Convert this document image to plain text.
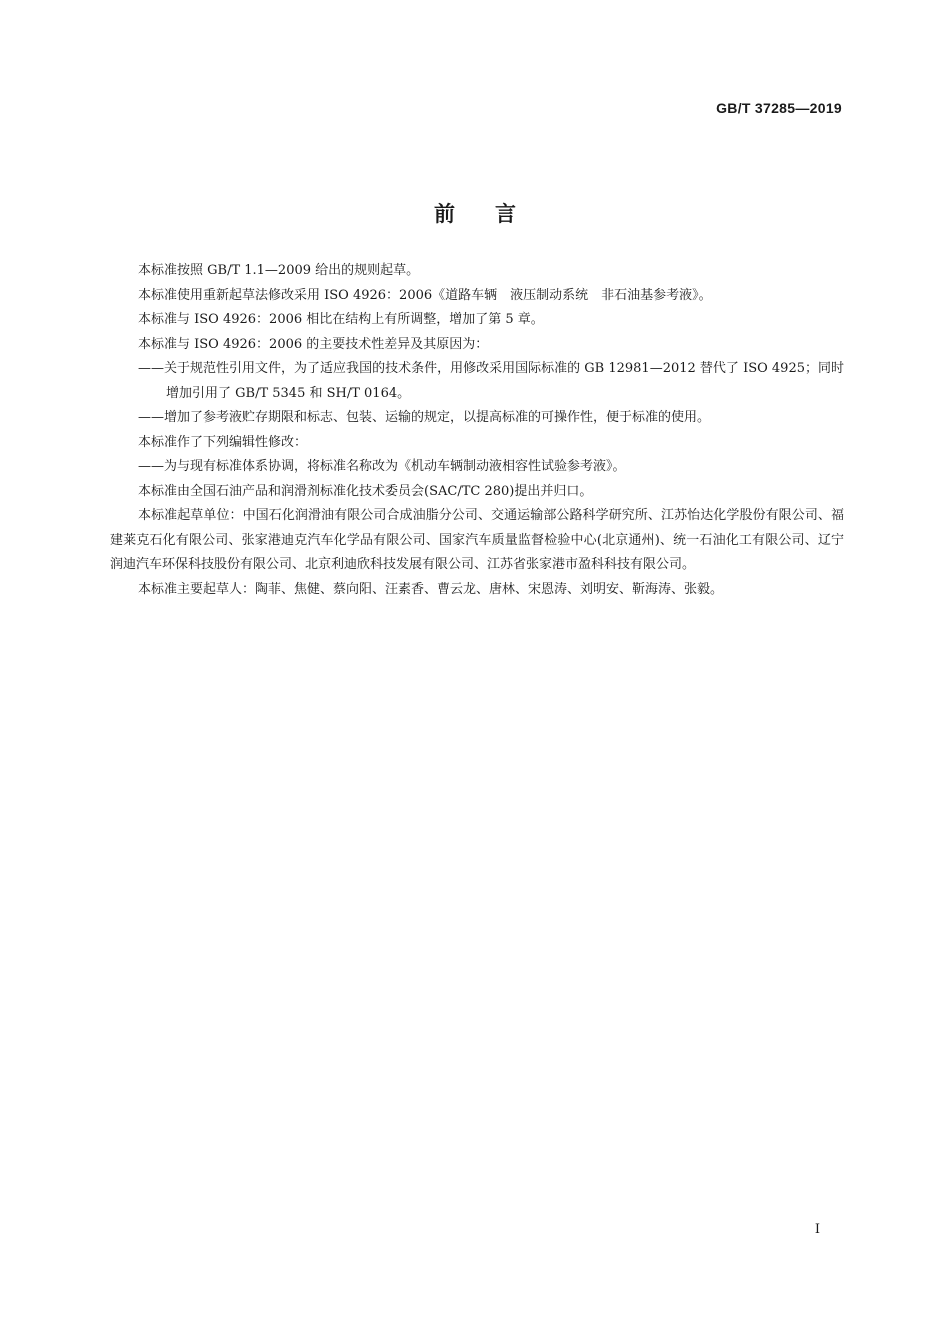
GB/T 37285—2019
前言

本标准按照 GB/T 1.1—2009 给出的规则起草。

本标准使用重新起草法修改采用 ISO 4926：2006《道路车辆　液压制动系统　非石油基参考液》。

本标准与 ISO 4926：2006 相比在结构上有所调整，增加了第 5 章。

本标准与 ISO 4926：2006 的主要技术性差异及其原因为：

——关于规范性引用文件，为了适应我国的技术条件，用修改采用国际标准的 GB 12981—2012 替代了 ISO 4925；同时增加引用了 GB/T 5345 和 SH/T 0164。

——增加了参考液贮存期限和标志、包装、运输的规定，以提高标准的可操作性，便于标准的使用。

本标准作了下列编辑性修改：

——为与现有标准体系协调，将标准名称改为《机动车辆制动液相容性试验参考液》。

本标准由全国石油产品和润滑剂标准化技术委员会(SAC/TC 280)提出并归口。

本标准起草单位：中国石化润滑油有限公司合成油脂分公司、交通运输部公路科学研究所、江苏怡达化学股份有限公司、福建莱克石化有限公司、张家港迪克汽车化学品有限公司、国家汽车质量监督检验中心(北京通州)、统一石油化工有限公司、辽宁润迪汽车环保科技股份有限公司、北京利迪欣科技发展有限公司、江苏省张家港市盈科科技有限公司。

本标准主要起草人：陶菲、焦健、蔡向阳、汪素香、曹云龙、唐林、宋恩涛、刘明安、靳海涛、张毅。

I
